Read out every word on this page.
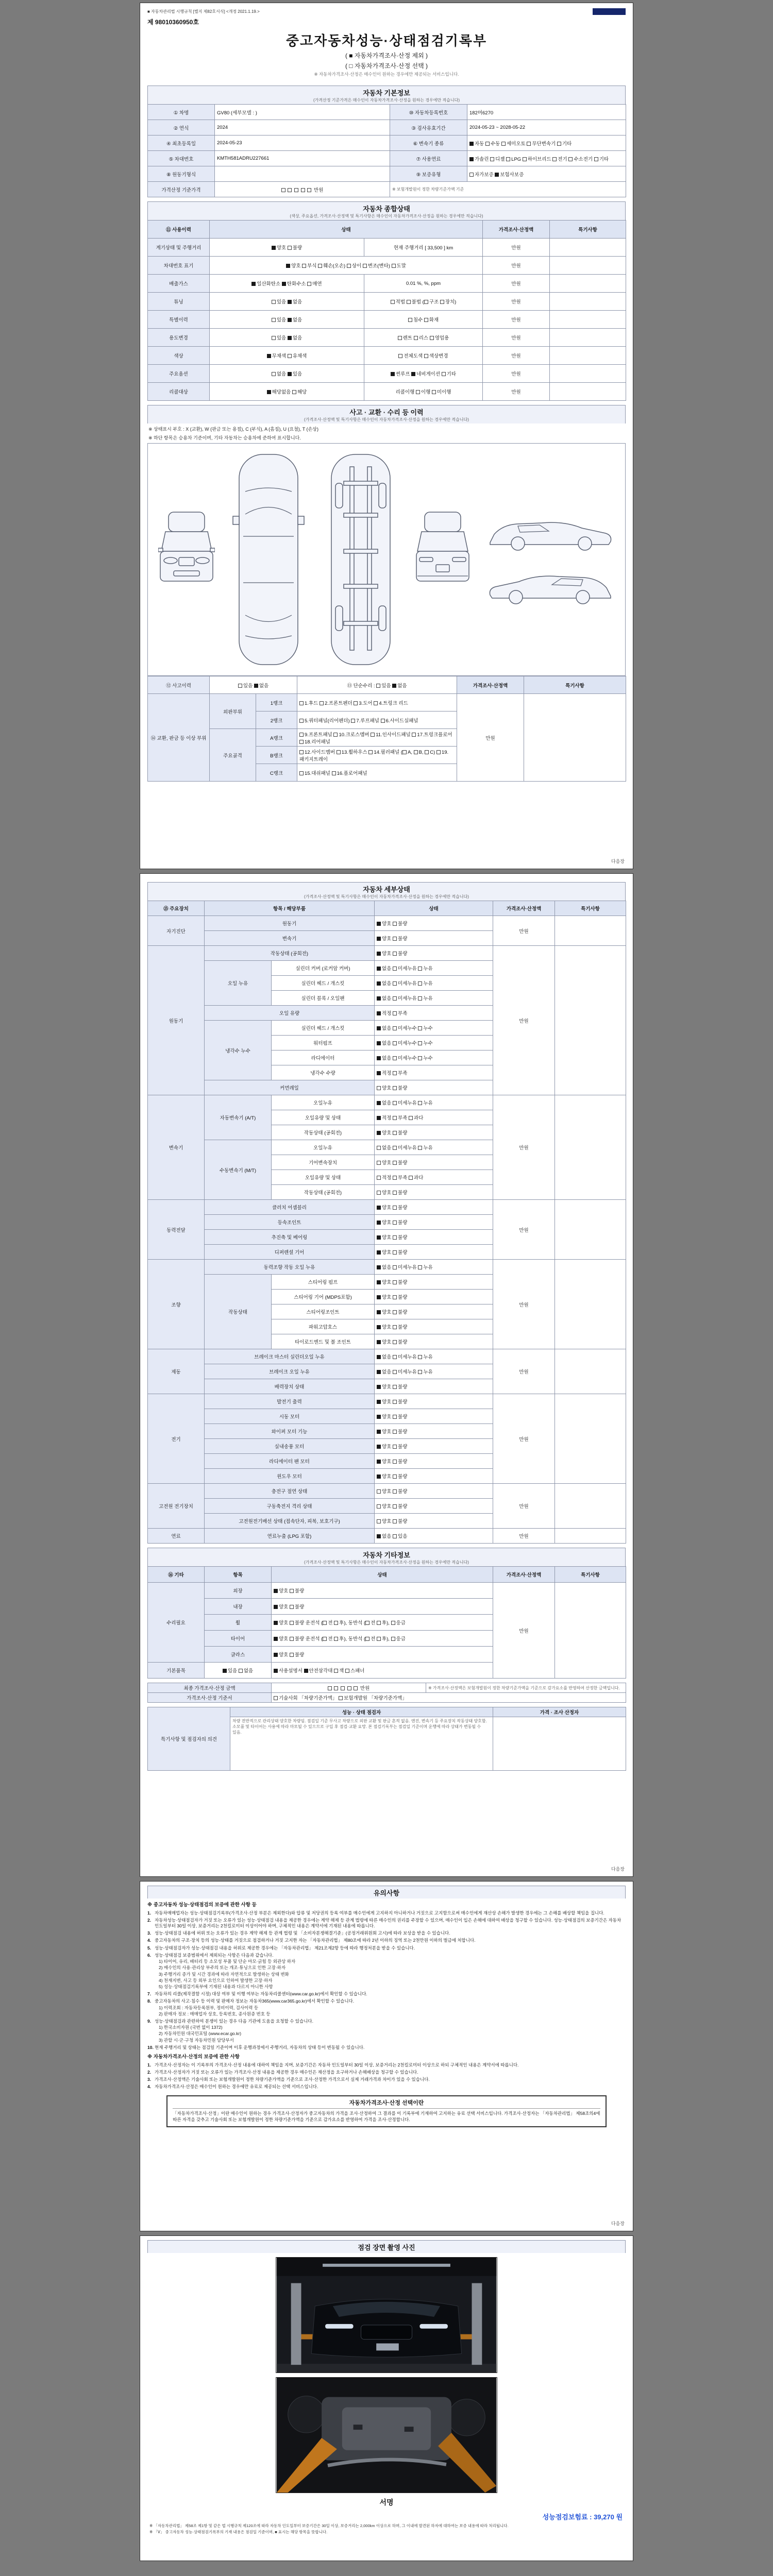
■ 자동차관리법 시행규칙 [별지 제82호서식] <개정 2021.1.19.>
제 98010360950호
중고자동차성능·상태점검기록부
( ■ 자동차가격조사·산정 제외 )
( □ 자동차가격조사·산정 선택 )
※ 자동차가격조사·산정은 매수인이 원하는 경우에만 제공되는 서비스입니다.
자동차 기본정보
(가격산정 기준가격은 매수인이 자동차가격조사·산정을 원하는 경우에만 적습니다)
① 차명	GV80 (세부모델 : )	⑩ 자동차등록번호	182머6270
② 연식	2024	③ 검사유효기간	2024-05-23 ~ 2028-05-22
④ 최초등록일	2024-05-23	⑥ 변속기 종류	자동 수동 세미오토 무단변속기 기타
⑤ 차대번호	KMTH581ADRU227661	⑦ 사용연료	가솔린 디젤 LPG 하이브리드 전기 수소전기 기타
⑧ 원동기형식		⑨ 보증유형	자가보증 보험사보증
가격산정 기준가격	만원	※ 보험개발원이 정한 차량기준가액 기준	
자동차 종합상태
(색상, 주요옵션, 가격조사·산정액 및 특기사항은 매수인이 자동차가격조사·산정을 원하는 경우에만 적습니다)
⑪ 사용이력	상태		가격조사·산정액	특기사항
계기상태 및 주행거리	양호 불량	현재 주행거리 [ 33,500 ] km	만원	
차대번호 표기	양호 부식 훼손(오손) 상이 변조(변타) 도말		만원	
배출가스	일산화탄소 탄화수소 매연	0.01 %, %, ppm	만원	
튜닝	있음 없음	적법 불법 ( 구조 장치)	만원	
특별이력	있음 없음	침수 화재	만원	
용도변경	있음 없음	렌트 리스 영업용	만원	
색상	무채색 유채색	전체도색 색상변경	만원	
주요옵션	없음 있음	썬루프 네비게이션 기타	만원	
리콜대상	해당없음 해당	리콜이행 이행 미이행	만원	
사고 · 교환 · 수리 등 이력
(가격조사·산정액 및 특기사항은 매수인이 자동차가격조사·산정을 원하는 경우에만 적습니다)
※ 상태표시 부호 : X (교환), W (판금 또는 용접), C (부식), A (흠집), U (요철), T (손상)
※ 하단 항목은 승용차 기준이며, 기타 자동차는 승용차에 준하여 표시합니다.
⑫ 사고이력	있음 없음		⑬ 단순수리 : 있음 없음	가격조사·산정액	특기사항
⑭ 교환, 판금 등 이상 부위	외판부위	1랭크	1.후드 2.프론트펜더 3.도어 4.트렁크 리드	만원	
		2랭크	5.쿼터패널(리어펜더) 7.루프패널 6.사이드실패널		
	주요골격	A랭크	9.프론트패널 10.크로스멤버 11.인사이드패널 17.트렁크플로어 18.리어패널		
		B랭크	12.사이드멤버 13.휠하우스 14.필러패널 ( A, B, C) 19.패키지트레이		
		C랭크	15.대쉬패널 16.플로어패널		
다음장
자동차 세부상태
(가격조사·산정액 및 특기사항은 매수인이 자동차가격조사·산정을 원하는 경우에만 적습니다)
⑮ 주요장치	항목 / 해당부품		상태	가격조사·산정액	특기사항
자기진단	원동기		양호 불량	만원	
	변속기		양호 불량		
원동기	작동상태 (공회전)		양호 불량	만원	
	오일 누유	실린더 커버 (로커암 커버)	없음 미세누유 누유		
		실린더 헤드 / 개스킷	없음 미세누유 누유		
		실린더 블록 / 오일팬	없음 미세누유 누유		
	오일 유량		적정 부족		
	냉각수 누수	실린더 헤드 / 개스킷	없음 미세누수 누수		
		워터펌프	없음 미세누수 누수		
		라디에이터	없음 미세누수 누수		
		냉각수 수량	적정 부족		
	커먼레일		양호 불량		
변속기	자동변속기 (A/T)	오일누유	없음 미세누유 누유	만원	
		오일유량 및 상태	적정 부족 과다		
		작동상태 (공회전)	양호 불량		
	수동변속기 (M/T)	오일누유	없음 미세누유 누유		
		기어변속장치	양호 불량		
		오일유량 및 상태	적정 부족 과다		
		작동상태 (공회전)	양호 불량		
동력전달	클러치 어셈블리		양호 불량	만원	
	등속조인트		양호 불량		
	추진축 및 베어링		양호 불량		
	디퍼렌셜 기어		양호 불량		
조향	동력조향 작동 오일 누유		없음 미세누유 누유	만원	
	작동상태	스티어링 펌프	양호 불량		
		스티어링 기어 (MDPS포함)	양호 불량		
		스티어링조인트	양호 불량		
		파워고압호스	양호 불량		
		타이로드엔드 및 볼 조인트	양호 불량		
제동	브레이크 마스터 실린더오일 누유		없음 미세누유 누유	만원	
	브레이크 오일 누유		없음 미세누유 누유		
	배력장치 상태		양호 불량		
전기	발전기 출력		양호 불량	만원	
	시동 모터		양호 불량		
	와이퍼 모터 기능		양호 불량		
	실내송풍 모터		양호 불량		
	라디에이터 팬 모터		양호 불량		
	윈도우 모터		양호 불량		
고전원 전기장치	충전구 절연 상태		양호 불량	만원	
	구동축전지 격리 상태		양호 불량		
	고전원전기배선 상태 (접속단자, 피복, 보호기구)		양호 불량		
연료	연료누출 (LPG 포함)		없음 있음	만원	
자동차 기타정보
(가격조사·산정액 및 특기사항은 매수인이 자동차가격조사·산정을 원하는 경우에만 적습니다)
⑯ 기타	항목	상태	가격조사·산정액	특기사항
수리필요	외장	양호 불량	만원	
	내장	양호 불량		
	휠	양호 불량 운전석 ( 전 후), 동반석 ( 전 후), 응급		
	타이어	양호 불량 운전석 ( 전 후), 동반석 ( 전 후), 응급		
	글라스	양호 불량		
기본품목	있음 없음	사용설명서 안전삼각대 잭 스패너		
최종 가격조사·산정 금액	만원	※ 가격조사·산정액은 보험개발원이 정한 차량기준가액을 기준으로 감가요소를 반영하여 산정한 금액입니다.
가격조사·산정 기준서	기술사회 「차량기준가액」 보험개발원 「차량기준가액」	
특기사항 및 점검자의 의견	성능 · 상태 점검자	가격 · 조사 산정자
	차량 전반적으로 관리상태 양호한 차량임. 점검일 기준 무사고 차량으로 외판 교환 및 판금 흔적 없음. 엔진, 변속기 등 주요장치 작동상태 양호함. 소모품 및 타이어는 사용에 따라 마모될 수 있으므로 구입 후 점검·교환 요망. 본 점검기록부는 점검일 기준이며 운행에 따라 상태가 변동될 수 있음.	
다음장
유의사항
※ 중고자동차 성능·상태점검의 보증에 관한 사항 등
1. 자동차매매업자는 성능·상태점검기록부(가격조사·산정 부분은 제외한다)와 압류 및 저당권의 등록 여부를 매수인에게 고지하지 아니하거나 거짓으로 고지함으로써 매수인에게 재산상 손해가 발생한 경우에는 그 손해를 배상할 책임을 집니다.
2. 자동차성능·상태점검자가 거짓 또는 오류가 있는 성능·상태점검 내용을 제공한 경우에는 계약 해제 등 관계 법령에 따른 매수인의 권리를 주장할 수 있으며, 매수인이 입은 손해에 대하여 배상을 청구할 수 있습니다. 성능·상태점검의 보증기간은 자동차 인도일부터 30일 이상, 보증거리는 2천킬로미터 이상이어야 하며, 구체적인 내용은 계약서에 기재된 내용에 따릅니다.
3. 성능·상태점검 내용에 허위 또는 오류가 있는 경우 계약 해제 등 관계 법령 및 「소비자분쟁해결기준」(공정거래위원회 고시)에 따라 보상을 받을 수 있습니다.
4. 중고자동차의 구조·장치 등의 성능·상태를 거짓으로 점검하거나 거짓 고지한 자는 「자동차관리법」 제80조에 따라 2년 이하의 징역 또는 2천만원 이하의 벌금에 처합니다.
5. 성능·상태점검자가 성능·상태점검 내용을 허위로 제공한 경우에는 「자동차관리법」 제21조제2항 등에 따라 행정처분을 받을 수 있습니다.
6. 성능·상태점검 보증범위에서 제외되는 사항은 다음과 같습니다.
1) 타이어, 유리, 배터리 등 소모성 부품 및 단순 마모·긁힘 등 외관상 하자
2) 매수인의 사용·관리상 부주의 또는 개조·튜닝으로 인한 고장·하자
3) 주행거리 증가 및 시간 경과에 따라 자연적으로 발생하는 상태 변화
4) 천재지변, 사고 등 외부 요인으로 인하여 발생한 고장·하자
5) 성능·상태점검기록부에 기재된 내용과 다르지 아니한 사항
7. 자동차의 리콜(제작결함 시정) 대상 여부 및 이행 여부는 자동차리콜센터(www.car.go.kr)에서 확인할 수 있습니다.
8. 중고자동차의 사고·침수 등 이력 및 판매자 정보는 자동차365(www.car365.go.kr)에서 확인할 수 있습니다.
1) 이력조회 : 자동차등록원부, 정비이력, 검사이력 등
2) 판매자 정보 : 매매업자 상호, 등록번호, 종사원증 번호 등
9. 성능·상태점검과 관련하여 분쟁이 있는 경우 다음 기관에 도움을 요청할 수 있습니다.
1) 한국소비자원 (국번 없이 1372)
2) 자동차민원 대국민포털 (www.ecar.go.kr)
3) 관할 시·군·구청 자동차민원 담당부서
10. 현재 주행거리 및 상태는 점검일 기준이며 이후 운행과정에서 주행거리, 자동차의 상태 등이 변동될 수 있습니다.
※ 자동차가격조사·산정의 보증에 관한 사항
1. 가격조사·산정자는 이 기록부의 가격조사·산정 내용에 대하여 책임을 지며, 보증기간은 자동차 인도일부터 30일 이상, 보증거리는 2천킬로미터 이상으로 하되 구체적인 내용은 계약서에 따릅니다.
2. 가격조사·산정자가 거짓 또는 오류가 있는 가격조사·산정 내용을 제공한 경우 매수인은 재산정을 요구하거나 손해배상을 청구할 수 있습니다.
3. 가격조사·산정액은 기술사회 또는 보험개발원이 정한 차량기준가액을 기준으로 조사·산정한 가격으로서 실제 거래가격과 차이가 있을 수 있습니다.
4. 자동차가격조사·산정은 매수인이 원하는 경우에만 유료로 제공되는 선택 서비스입니다.
자동차가격조사·산정 선택이란
「자동차가격조사·산정」이란 매수인이 원하는 경우 가격조사·산정자가 중고자동차의 가격을 조사·산정하여 그 결과를 이 기록부에 기재하여 고지하는 유료 선택 서비스입니다. 가격조사·산정자는 「자동차관리법」 제58조의4에 따른 자격을 갖추고 기술사회 또는 보험개발원이 정한 차량기준가액을 기준으로 감가요소를 반영하여 가격을 조사·산정합니다.
다음장
점검 장면 촬영 사진
서명
성능점검보험료 : 39,270 원
※ 「자동차관리법」 제58조 제1항 및 같은 법 시행규칙 제120조에 따라 자동차 인도일부터 보증기간은 30일 이상, 보증거리는 2,000km 이상으로 하며, 그 이내에 발견된 하자에 대하여는 보증 내용에 따라 처리됩니다.
※ 「Ⅴ」 중고자동차 성능·상태점검기록부의 기재 내용은 점검일 기준이며, ■ 표시는 해당 항목을 뜻합니다.
